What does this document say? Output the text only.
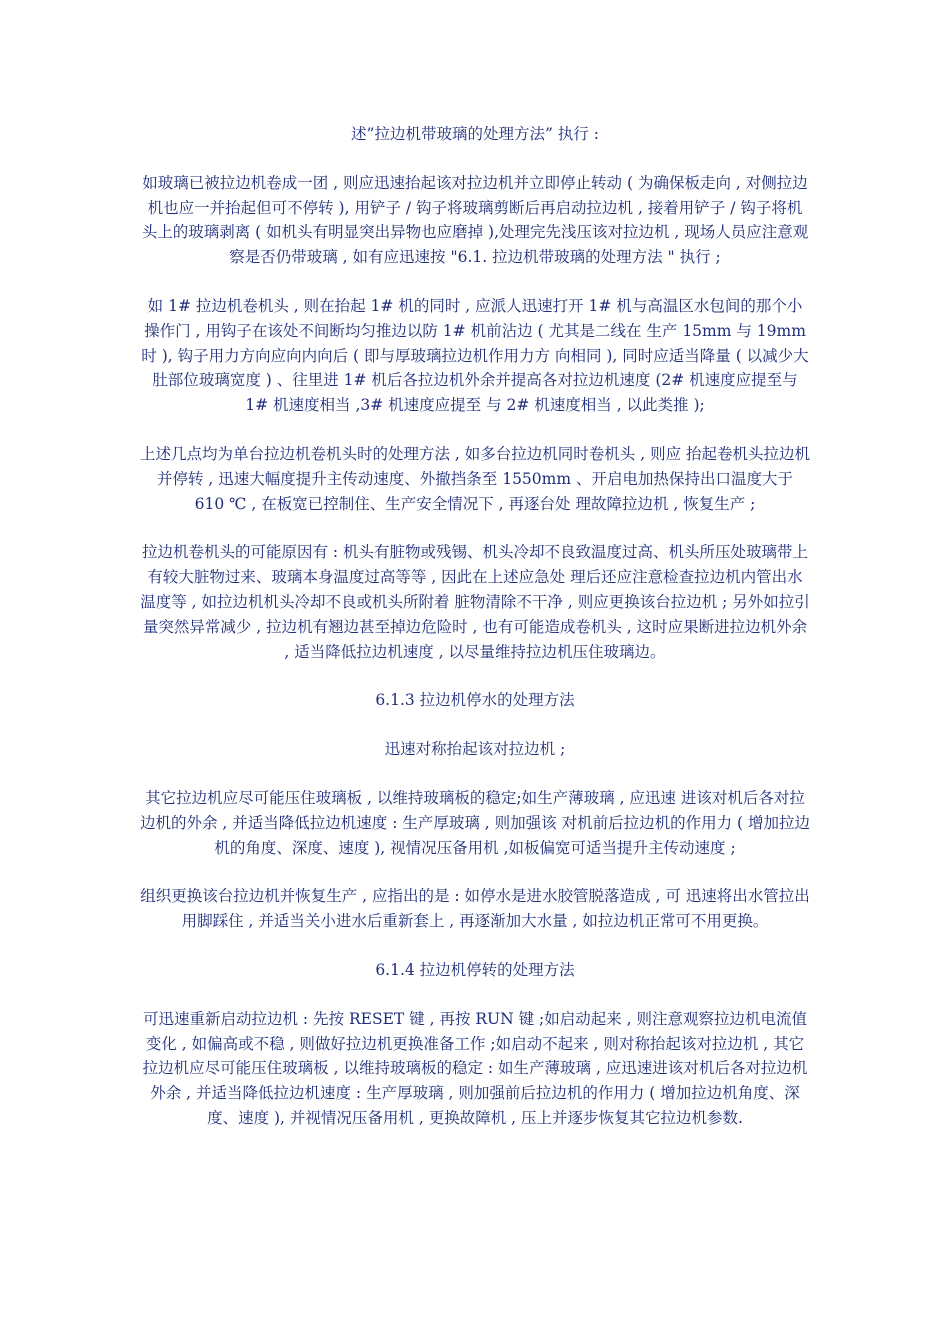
述”拉边机带玻璃的处理方法” 执行 :

如玻璃已被拉边机卷成一团 , 则应迅速抬起该对拉边机并立即停止转动 ( 为确保板走向 , 对侧拉边机也应一并抬起但可不停转 ), 用铲子 / 钩子将玻璃剪断后再启动拉边机 , 接着用铲子 / 钩子将机头上的玻璃剥离 ( 如机头有明显突出异物也应磨掉 ),处理完先浅压该对拉边机 , 现场人员应注意观察是否仍带玻璃 , 如有应迅速按 "6.1. 拉边机带玻璃的处理方法 " 执行 ;

如 1# 拉边机卷机头 , 则在抬起 1# 机的同时 , 应派人迅速打开 1# 机与高温区水包间的那个小操作门 , 用钩子在该处不间断均匀推边以防 1# 机前沾边 ( 尤其是二线在 生产 15mm 与 19mm 时 ), 钩子用力方向应向内向后 ( 即与厚玻璃拉边机作用力方 向相同 ), 同时应适当降量 ( 以减少大肚部位玻璃宽度 ) 、往里进 1# 机后各拉边机外余并提高各对拉边机速度 (2# 机速度应提至与 1# 机速度相当 ,3# 机速度应提至 与 2# 机速度相当 , 以此类推 );

上述几点均为单台拉边机卷机头时的处理方法 , 如多台拉边机同时卷机头 , 则应 抬起卷机头拉边机并停转 , 迅速大幅度提升主传动速度、外撤挡条至 1550mm 、开启电加热保持出口温度大于 610 ℃ , 在板宽已控制住、生产安全情况下 , 再逐台处 理故障拉边机 , 恢复生产 ;

拉边机卷机头的可能原因有 : 机头有脏物或残锡、机头冷却不良致温度过高、机头所压处玻璃带上有较大脏物过来、玻璃本身温度过高等等 , 因此在上述应急处 理后还应注意检查拉边机内管出水温度等 , 如拉边机机头冷却不良或机头所附着 脏物清除不干净 , 则应更换该台拉边机 ; 另外如拉引量突然异常减少 , 拉边机有翘边甚至掉边危险时 , 也有可能造成卷机头 , 这时应果断进拉边机外余 , 适当降低拉边机速度 , 以尽量维持拉边机压住玻璃边。

6.1.3 拉边机停水的处理方法

迅速对称抬起该对拉边机 ;

其它拉边机应尽可能压住玻璃板 , 以维持玻璃板的稳定;如生产薄玻璃 , 应迅速 进该对机后各对拉边机的外余 , 并适当降低拉边机速度 : 生产厚玻璃 , 则加强该 对机前后拉边机的作用力 ( 增加拉边机的角度、深度、速度 ), 视情况压备用机 ,如板偏宽可适当提升主传动速度 ;

组织更换该台拉边机并恢复生产 , 应指出的是 : 如停水是进水胶管脱落造成 , 可 迅速将出水管拉出用脚踩住 , 并适当关小进水后重新套上 , 再逐渐加大水量 , 如拉边机正常可不用更换。

6.1.4 拉边机停转的处理方法

可迅速重新启动拉边机 : 先按 RESET 键 , 再按 RUN 键 ;如启动起来 , 则注意观察拉边机电流值变化 , 如偏高或不稳 , 则做好拉边机更换准备工作 ;如启动不起来 , 则对称抬起该对拉边机 , 其它拉边机应尽可能压住玻璃板 , 以维持玻璃板的稳定 : 如生产薄玻璃 , 应迅速进该对机后各对拉边机外余 , 并适当降低拉边机速度 : 生产厚玻璃 , 则加强前后拉边机的作用力 ( 增加拉边机角度、深 度、速度 ), 并视情况压备用机 , 更换故障机 , 压上并逐步恢复其它拉边机参数.
